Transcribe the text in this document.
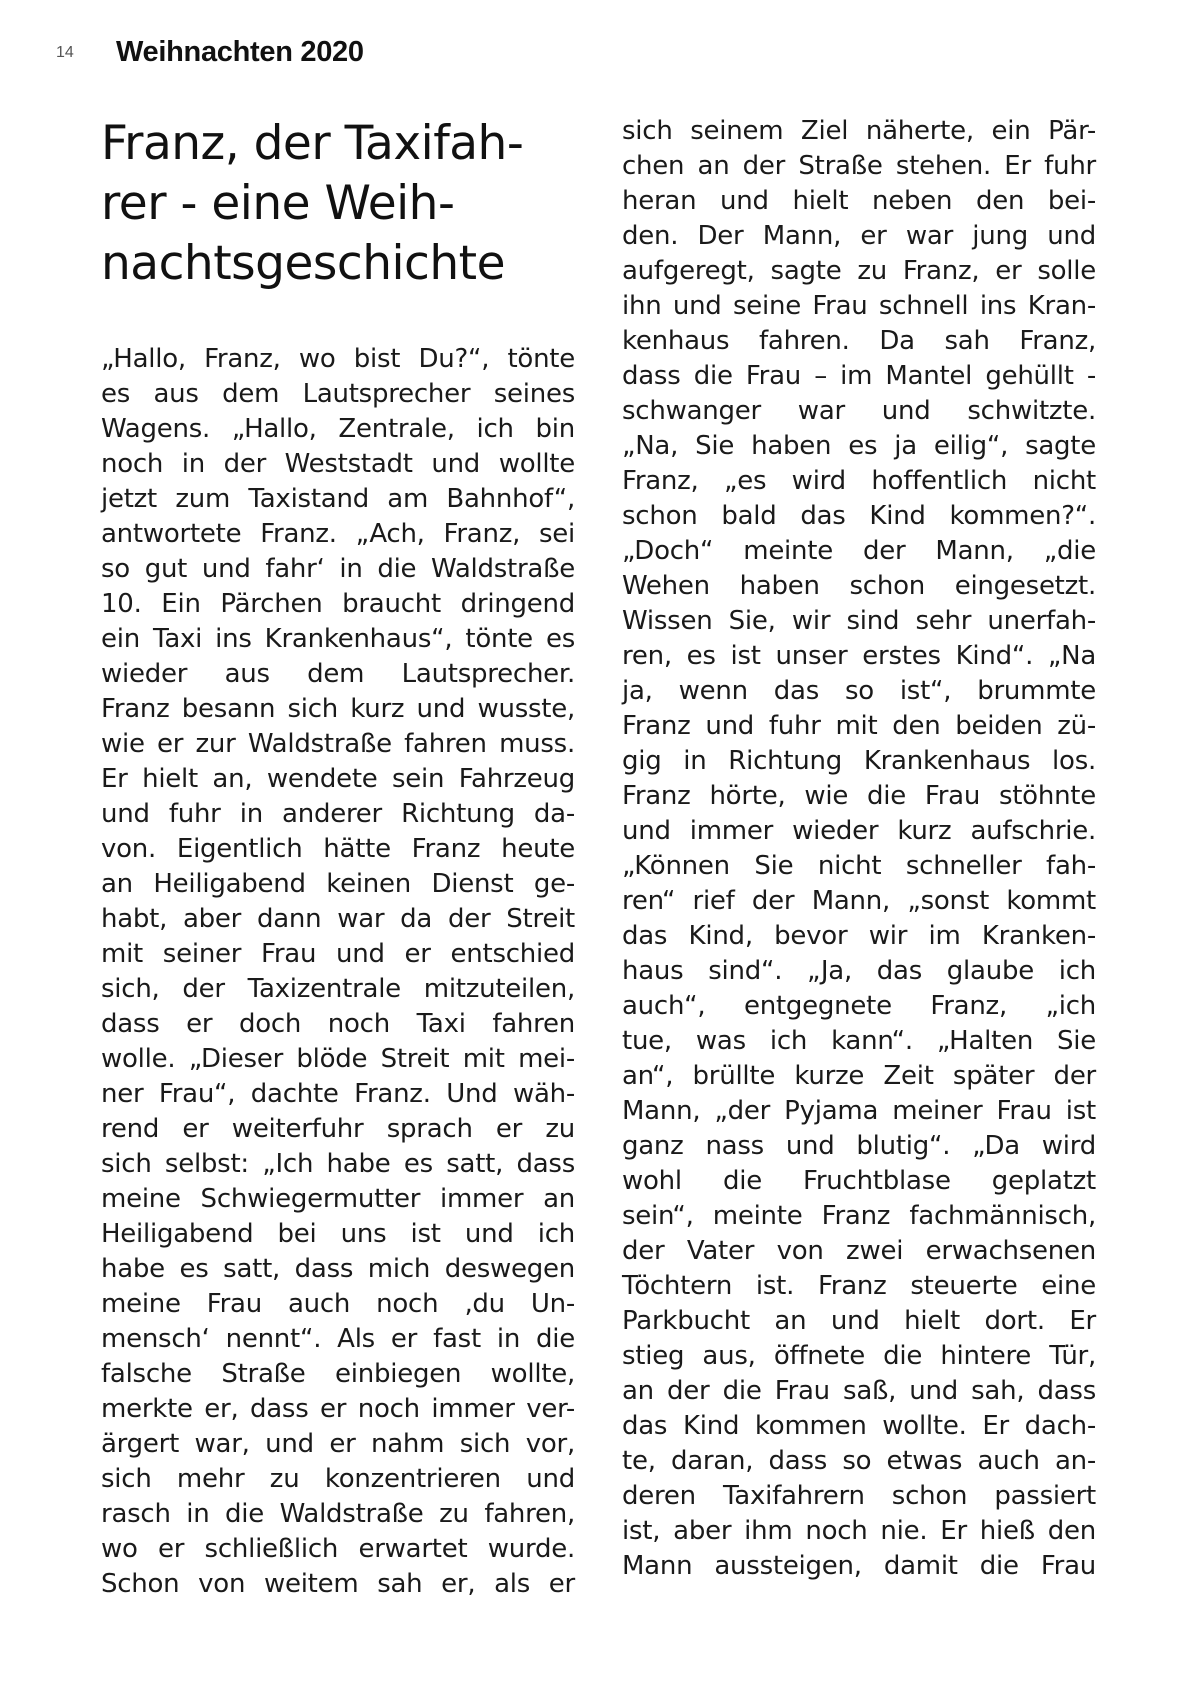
14 Weihnachten 2020
Franz, der Taxifah-
rer - eine Weih-
nachtsgeschichte
„Hallo, Franz, wo bist Du?“, tönte
es aus dem Lautsprecher seines
Wagens. „Hallo, Zentrale, ich bin
noch in der Weststadt und wollte
jetzt zum Taxistand am Bahnhof“,
antwortete Franz. „Ach, Franz, sei
so gut und fahr‘ in die Waldstraße
10. Ein Pärchen braucht dringend
ein Taxi ins Krankenhaus“, tönte es
wieder aus dem Lautsprecher.
Franz besann sich kurz und wusste,
wie er zur Waldstraße fahren muss.
Er hielt an, wendete sein Fahrzeug
und fuhr in anderer Richtung da-
von. Eigentlich hätte Franz heute
an Heiligabend keinen Dienst ge-
habt, aber dann war da der Streit
mit seiner Frau und er entschied
sich, der Taxizentrale mitzuteilen,
dass er doch noch Taxi fahren
wolle. „Dieser blöde Streit mit mei-
ner Frau“, dachte Franz. Und wäh-
rend er weiterfuhr sprach er zu
sich selbst: „Ich habe es satt, dass
meine Schwiegermutter immer an
Heiligabend bei uns ist und ich
habe es satt, dass mich deswegen
meine Frau auch noch ‚du Un-
mensch‘ nennt“. Als er fast in die
falsche Straße einbiegen wollte,
merkte er, dass er noch immer ver-
ärgert war, und er nahm sich vor,
sich mehr zu konzentrieren und
rasch in die Waldstraße zu fahren,
wo er schließlich erwartet wurde.
Schon von weitem sah er, als er
sich seinem Ziel näherte, ein Pär-
chen an der Straße stehen. Er fuhr
heran und hielt neben den bei-
den. Der Mann, er war jung und
aufgeregt, sagte zu Franz, er solle
ihn und seine Frau schnell ins Kran-
kenhaus fahren. Da sah Franz,
dass die Frau – im Mantel gehüllt -
schwanger war und schwitzte.
„Na, Sie haben es ja eilig“, sagte
Franz, „es wird hoffentlich nicht
schon bald das Kind kommen?“.
„Doch“ meinte der Mann, „die
Wehen haben schon eingesetzt.
Wissen Sie, wir sind sehr unerfah-
ren, es ist unser erstes Kind“. „Na
ja, wenn das so ist“, brummte
Franz und fuhr mit den beiden zü-
gig in Richtung Krankenhaus los.
Franz hörte, wie die Frau stöhnte
und immer wieder kurz aufschrie.
„Können Sie nicht schneller fah-
ren“ rief der Mann, „sonst kommt
das Kind, bevor wir im Kranken-
haus sind“. „Ja, das glaube ich
auch“, entgegnete Franz, „ich
tue, was ich kann“. „Halten Sie
an“, brüllte kurze Zeit später der
Mann, „der Pyjama meiner Frau ist
ganz nass und blutig“. „Da wird
wohl die Fruchtblase geplatzt
sein“, meinte Franz fachmännisch,
der Vater von zwei erwachsenen
Töchtern ist. Franz steuerte eine
Parkbucht an und hielt dort. Er
stieg aus, öffnete die hintere Tür,
an der die Frau saß, und sah, dass
das Kind kommen wollte. Er dach-
te, daran, dass so etwas auch an-
deren Taxifahrern schon passiert
ist, aber ihm noch nie. Er hieß den
Mann aussteigen, damit die Frau
